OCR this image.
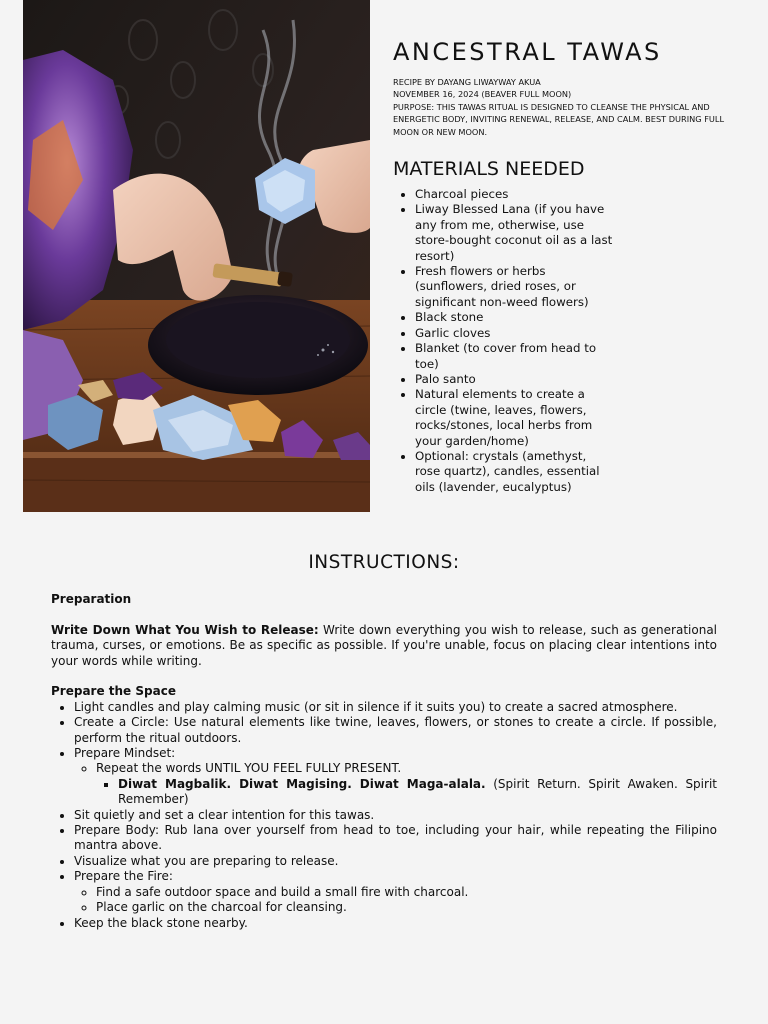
ANCESTRAL TAWAS

RECIPE BY DAYANG LIWAYWAY AKUA

NOVEMBER 16, 2024 (BEAVER FULL MOON)

PURPOSE: THIS TAWAS RITUAL IS DESIGNED TO CLEANSE THE PHYSICAL AND ENERGETIC BODY, INVITING RENEWAL, RELEASE, AND CALM. BEST DURING FULL MOON OR NEW MOON.

MATERIALS NEEDED
• Charcoal pieces
• Liway Blessed Lana (if you have any from me, otherwise, use store-bought coconut oil as a last resort)
• Fresh flowers or herbs (sunflowers, dried roses, or significant non-weed flowers)
• Black stone
• Garlic cloves
• Blanket (to cover from head to toe)
• Palo santo
• Natural elements to create a circle (twine, leaves, flowers, rocks/stones, local herbs from your garden/home)
• Optional: crystals (amethyst, rose quartz), candles, essential oils (lavender, eucalyptus)
INSTRUCTIONS:

Preparation

Write Down What You Wish to Release: Write down everything you wish to release, such as generational trauma, curses, or emotions. Be as specific as possible. If you're unable, focus on placing clear intentions into your words while writing.

Prepare the Space

• Light candles and play calming music (or sit in silence if it suits you) to create a sacred atmosphere.
• Create a Circle: Use natural elements like twine, leaves, flowers, or stones to create a circle. If possible, perform the ritual outdoors.
• Prepare Mindset:
◦ Repeat the words UNTIL YOU FEEL FULLY PRESENT.
▪ Diwat Magbalik. Diwat Magising. Diwat Maga-alala. (Spirit Return. Spirit Awaken. Spirit Remember)
• Sit quietly and set a clear intention for this tawas.
• Prepare Body: Rub lana over yourself from head to toe, including your hair, while repeating the Filipino mantra above.
• Visualize what you are preparing to release.
• Prepare the Fire:
◦ Find a safe outdoor space and build a small fire with charcoal.
◦ Place garlic on the charcoal for cleansing.
• Keep the black stone nearby.
